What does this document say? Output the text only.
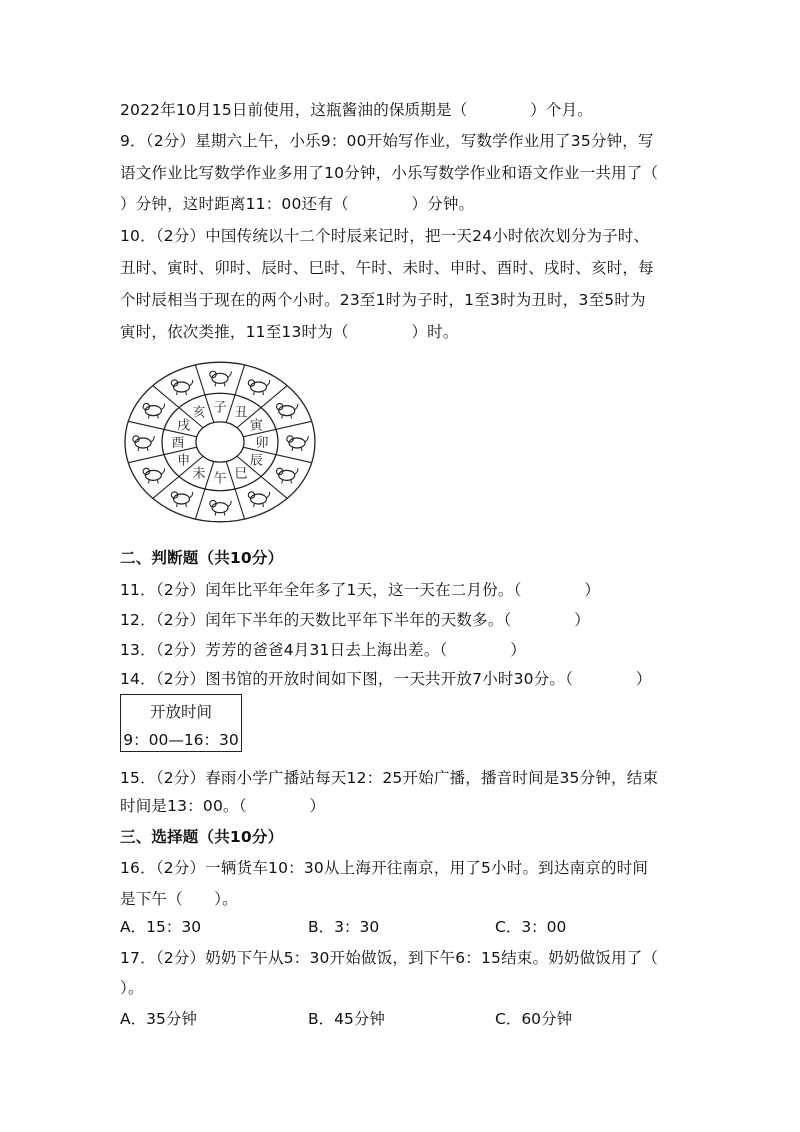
2022年10月15日前使用，这瓶酱油的保质期是（　　　　）个月。
9．（2分）星期六上午，小乐9：00开始写作业，写数学作业用了35分钟，写
语文作业比写数学作业多用了10分钟，小乐写数学作业和语文作业一共用了（
）分钟，这时距离11：00还有（　　　　）分钟。
10．（2分）中国传统以十二个时辰来记时，把一天24小时依次划分为子时、
丑时、寅时、卯时、辰时、巳时、午时、未时、申时、酉时、戌时、亥时，每
个时辰相当于现在的两个小时。23至1时为子时，1至3时为丑时，3至5时为
寅时，依次类推，11至13时为（　　　　）时。
子 丑
寅
卯
辰
巳
午
未
申
酉
戌
亥
二、判断题（共10分）
11．（2分）闰年比平年全年多了1天，这一天在二月份。（　　　　）
12．（2分）闰年下半年的天数比平年下半年的天数多。（　　　　）
13．（2分）芳芳的爸爸4月31日去上海出差。（　　　　）
14．（2分）图书馆的开放时间如下图，一天共开放7小时30分。（　　　　）
开放时间
9：00—16：30
15．（2分）春雨小学广播站每天12：25开始广播，播音时间是35分钟，结束
时间是13：00。（　　　　）
三、选择题（共10分）
16．（2分）一辆货车10：30从上海开往南京，用了5小时。到达南京的时间
是下午（　　）。
A．15：30	B．3：30	C．3：00
17．（2分）奶奶下午从5：30开始做饭，到下午6：15结束。奶奶做饭用了（
）。
A．35分钟	B．45分钟	C．60分钟
